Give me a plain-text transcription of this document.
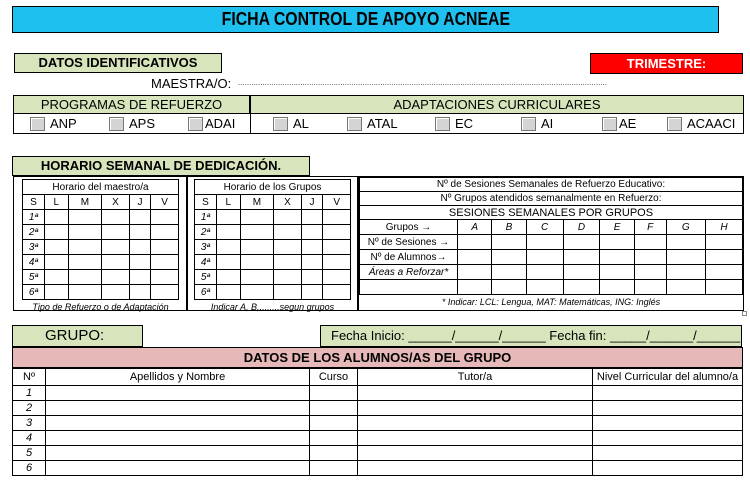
FICHA CONTROL DE APOYO ACNEAE
DATOS IDENTIFICATIVOS	TRIMESTRE:
MAESTRA/O: ......................................................................................................................................................................
PROGRAMAS DE REFUERZO	ADAPTACIONES CURRICULARES
ANP	APS	ADAI	AL	ATAL	EC	AI	AE	ACAACI
HORARIO SEMANAL DE DEDICACIÓN.
Horario del maestro/a					
S	L	M	X	J	V
1ª					
2ª					
3ª					
4ª					
5ª					
6ª					
Tipo de Refuerzo o de Adaptación					
Horario de los Grupos					
S	L	M	X	J	V
1ª					
2ª					
3ª					
4ª					
5ª					
6ª					
Indicar A, B,........segun grupos					
Nº de Sesiones Semanales de Refuerzo Educativo:								
Nº Grupos atendidos semanalmente en Refuerzo:								
SESIONES SEMANALES POR GRUPOS								
Grupos →	A	B	C	D	E	F	G	H
Nº de Sesiones →								
Nº de Alumnos→								
Áreas a Reforzar*								

* Indicar: LCL: Lengua, MAT: Matemáticas, ING: Inglés								
GRUPO:	Fecha Inicio: ______/______/______ Fecha fin: _____/______/______
DATOS DE LOS ALUMNOS/AS DEL GRUPO
Nº	Apellidos y Nombre	Curso	Tutor/a	Nivel Curricular del alumno/a
1				
2				
3				
4				
5				
6				
